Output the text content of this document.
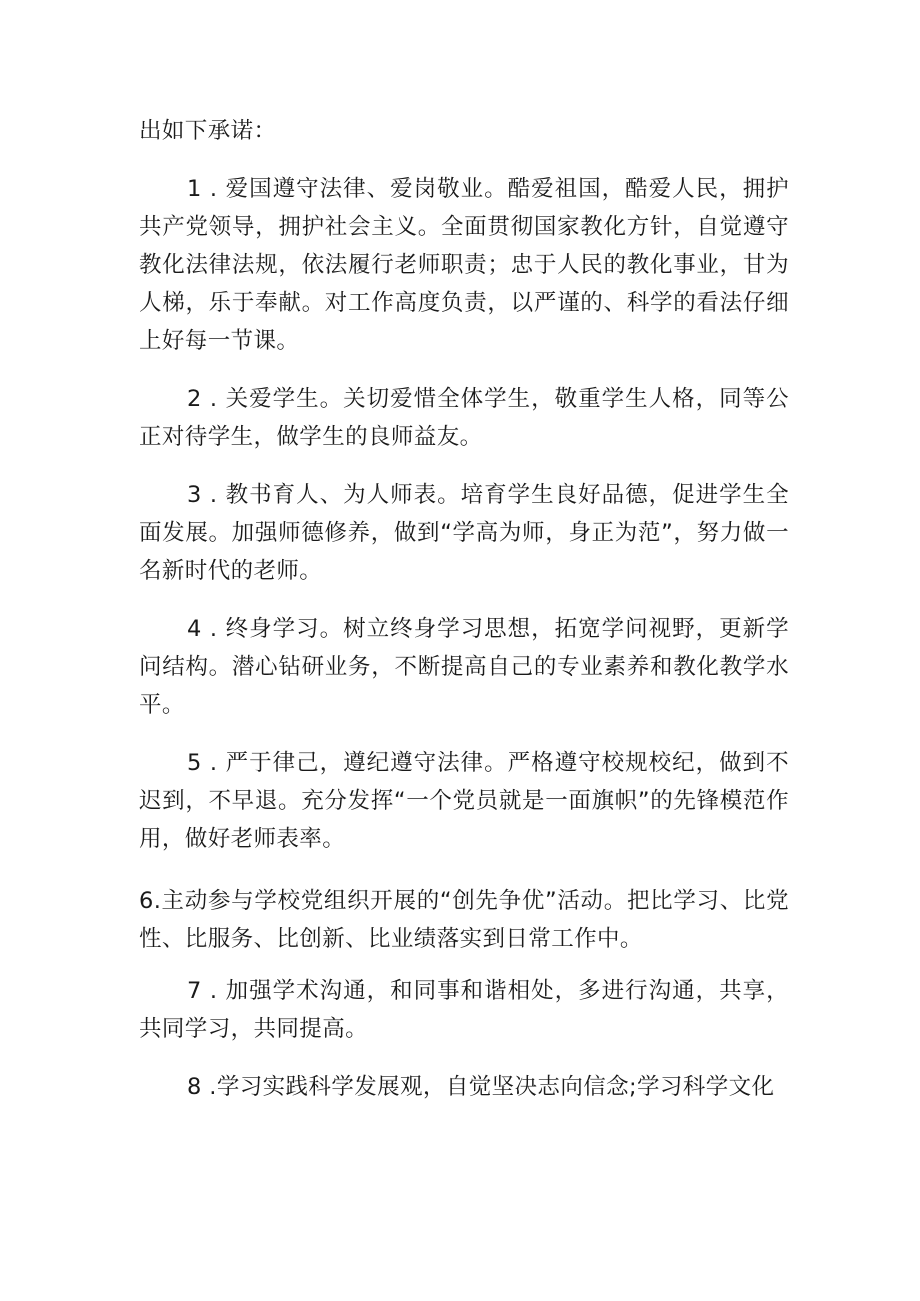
出如下承诺：

1 . 爱国遵守法律、爱岗敬业。酷爱祖国，酷爱人民，拥护共产党领导，拥护社会主义。全面贯彻国家教化方针，自觉遵守教化法律法规，依法履行老师职责；忠于人民的教化事业，甘为人梯，乐于奉献。对工作高度负责，以严谨的、科学的看法仔细上好每一节课。

2 . 关爱学生。关切爱惜全体学生，敬重学生人格，同等公正对待学生，做学生的良师益友。

3 . 教书育人、为人师表。培育学生良好品德，促进学生全面发展。加强师德修养，做到“学高为师，身正为范”，努力做一名新时代的老师。

4 . 终身学习。树立终身学习思想，拓宽学问视野，更新学问结构。潜心钻研业务，不断提高自己的专业素养和教化教学水平。

5 . 严于律己，遵纪遵守法律。严格遵守校规校纪，做到不迟到，不早退。充分发挥“一个党员就是一面旗帜”的先锋模范作用，做好老师表率。

6.主动参与学校党组织开展的“创先争优”活动。把比学习、比党性、比服务、比创新、比业绩落实到日常工作中。

7 . 加强学术沟通，和同事和谐相处，多进行沟通，共享，共同学习，共同提高。

8 .学习实践科学发展观，自觉坚决志向信念;学习科学文化
